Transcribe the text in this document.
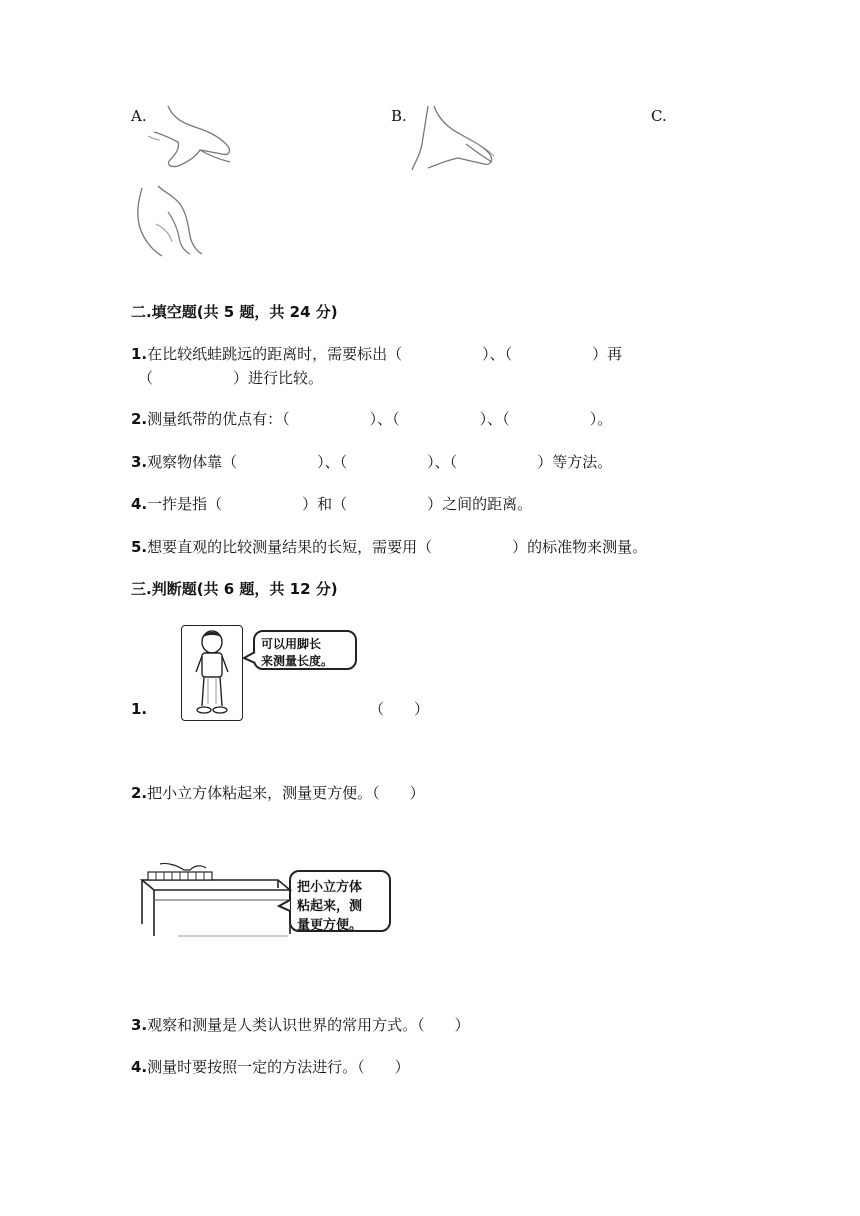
A.	B.	C.
二.填空题(共 5 题，共 24 分)
1.在比较纸蛙跳远的距离时，需要标出（	）、（	）再
（	）进行比较。
2.测量纸带的优点有：（	）、（	）、（	）。
3.观察物体靠（	）、（	）、（	）等方法。
4.一拃是指（	）和（	）之间的距离。
5.想要直观的比较测量结果的长短，需要用（	）的标准物来测量。
三.判断题(共 6 题，共 12 分)
可以用脚长
来测量长度。
1.	（　　）
2.把小立方体粘起来，测量更方便。（　　）
把小立方体
粘起来，测
量更方便。
3.观察和测量是人类认识世界的常用方式。（　　）
4.测量时要按照一定的方法进行。（　　）
